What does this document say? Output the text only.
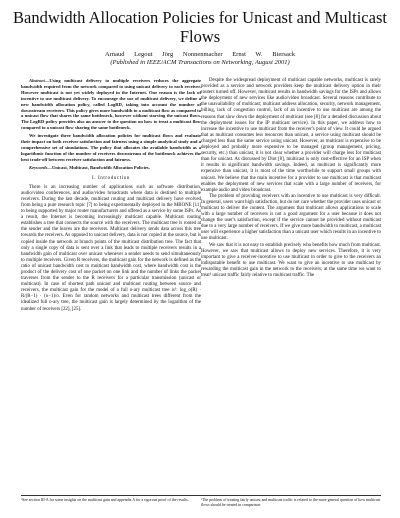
Bandwidth Allocation Policies for Unicast and Multicast Flows
Arnaud Legout Jörg Nonnenmacher Ernst W. Biersack
(Published in IEEE/ACM Transactions on Networking, August 2001)

Abstract—Using multicast delivery to multiple receivers reduces the aggregate bandwidth required from the network compared to using unicast delivery to each receiver. However multicast is not yet widely deployed in the Internet. One reason is the lack of incentive to use multicast delivery. To encourage the use of multicast delivery, we define a new bandwidth allocation policy, called LogRD, taking into account the number of downstream receivers. This policy gives more bandwidth to a multicast flow as compared to a unicast flow that shares the same bottleneck, however without starving the unicast flows. The LogRD policy provides also an answer to the question on how to treat a multicast flow compared to a unicast flow sharing the same bottleneck.

We investigate three bandwidth allocation policies for multicast flows and evaluate their impact on both receiver satisfaction and fairness using a simple analytical study and a comprehensive set of simulations. The policy that allocates the available bandwidth as a logarithmic function of the number of receivers downstream of the bottleneck achieves the best trade-off between receiver satisfaction and fairness.

Keywords—Unicast, Multicast, Bandwidth Allocation Policies.

I. Introduction

There is an increasing number of applications such as software distribution, audio/video conferences, and audio/video broadcasts where data is destined to multiple receivers. During the last decade, multicast routing and multicast delivery have evolved from being a pure research topic [7] to being experimentally deployed in the MBONE [11] to being supported by major router manufacturers and offered as a service by some ISPs. As a result, the Internet is becoming increasingly multicast capable. Multicast routing establishes a tree that connects the source with the receivers. The multicast tree is rooted at the sender and the leaves are the receivers. Multicast delivery sends data across this tree towards the receivers. As opposed to unicast delivery, data is not copied at the source, but is copied inside the network at branch points of the multicast distribution tree. The fact that only a single copy of data is sent over a link that leads to multiple receivers results in a bandwidth gain of multicast over unicast whenever a sender needs to send simultaneously to multiple receivers. Given R receivers, the multicast gain for the network is defined as the ratio of unicast bandwidth cost to multicast bandwidth cost, where bandwidth cost is the product of the delivery cost of one packet on one link and the number of links the packet traverses from the sender to the R receivers for a particular transmission (unicast or multicast). In case of shortest path unicast and multicast routing between source and receivers, the multicast gain for the model of a full o-ary multicast tree is¹: log_o(R) · R/(R−1) · (o−1)/o. Even for random networks and multicast trees different from the idealized full o-ary tree, the multicast gain is largely determined by the logarithm of the number of receivers [22], [25].

Despite the widespread deployment of multicast capable networks, multicast is rarely provided as a service and network providers keep the multicast delivery option in their routers turned off. However, multicast results in bandwidth savings for the ISPs and allows the deployment of new services like audio/video broadcast. Several reasons contribute to the unavailability of multicast; multicast address allocation, security, network management, billing, lack of congestion control, lack of an incentive to use multicast are among the reasons that slow down the deployment of multicast (see [8] for a detailed discussion about the deployment issues for the IP multicast service). In this paper, we address how to increase the incentive to use multicast from the receiver's point of view. It could be argued that as multicast consumes less resources than unicast, a service using multicast should be charged less than the same service using unicast. However, as multicast is expensive to be deployed and probably more expensive to be managed (group management, pricing, security, etc.) than unicast, it is not clear whether a provider will charge less for multicast than for unicast. As discussed by Diot [8], multicast is only cost-effective for an ISP when it results in significant bandwidth savings. Indeed, as multicast is significantly more expensive than unicast, it is most of the time worthwhile to support small groups with unicast. We believe that the main incentive for a provider to use multicast is that multicast enables the deployment of new services that scale with a large number of receivers, for example audio and video broadcast.

The problem of providing receivers with an incentive to use multicast is very difficult. In general, users want high satisfaction, but do not care whether the provider uses unicast or multicast to deliver the content. The argument that multicast allows applications to scale with a large number of receivers is not a good argument for a user because it does not change the user's satisfaction, except if the service cannot be provided without multicast due to a very large number of receivers. If we give more bandwidth to multicast, a multicast user will experience a higher satisfaction than a unicast user which results in an incentive to use multicast.

We saw that it is not easy to establish precisely who benefits how much from multicast. However, we saw that multicast allows to deploy new services. Therefore, it is very important to give a receiver-incentive to use multicast in order to give to the receivers an indisputable benefit to use multicast. We want to give an incentive to use multicast by rewarding the multicast gain in the network to the receivers; at the same time we want to treat² unicast traffic fairly relative to multicast traffic. The

¹See section III-A for some insights on the multicast gain and appendix A for a rigorous proof of the results.	²The problem of treating fairly unicast and multicast traffic is related to the more general question of how multicast flows should be treated in comparison
